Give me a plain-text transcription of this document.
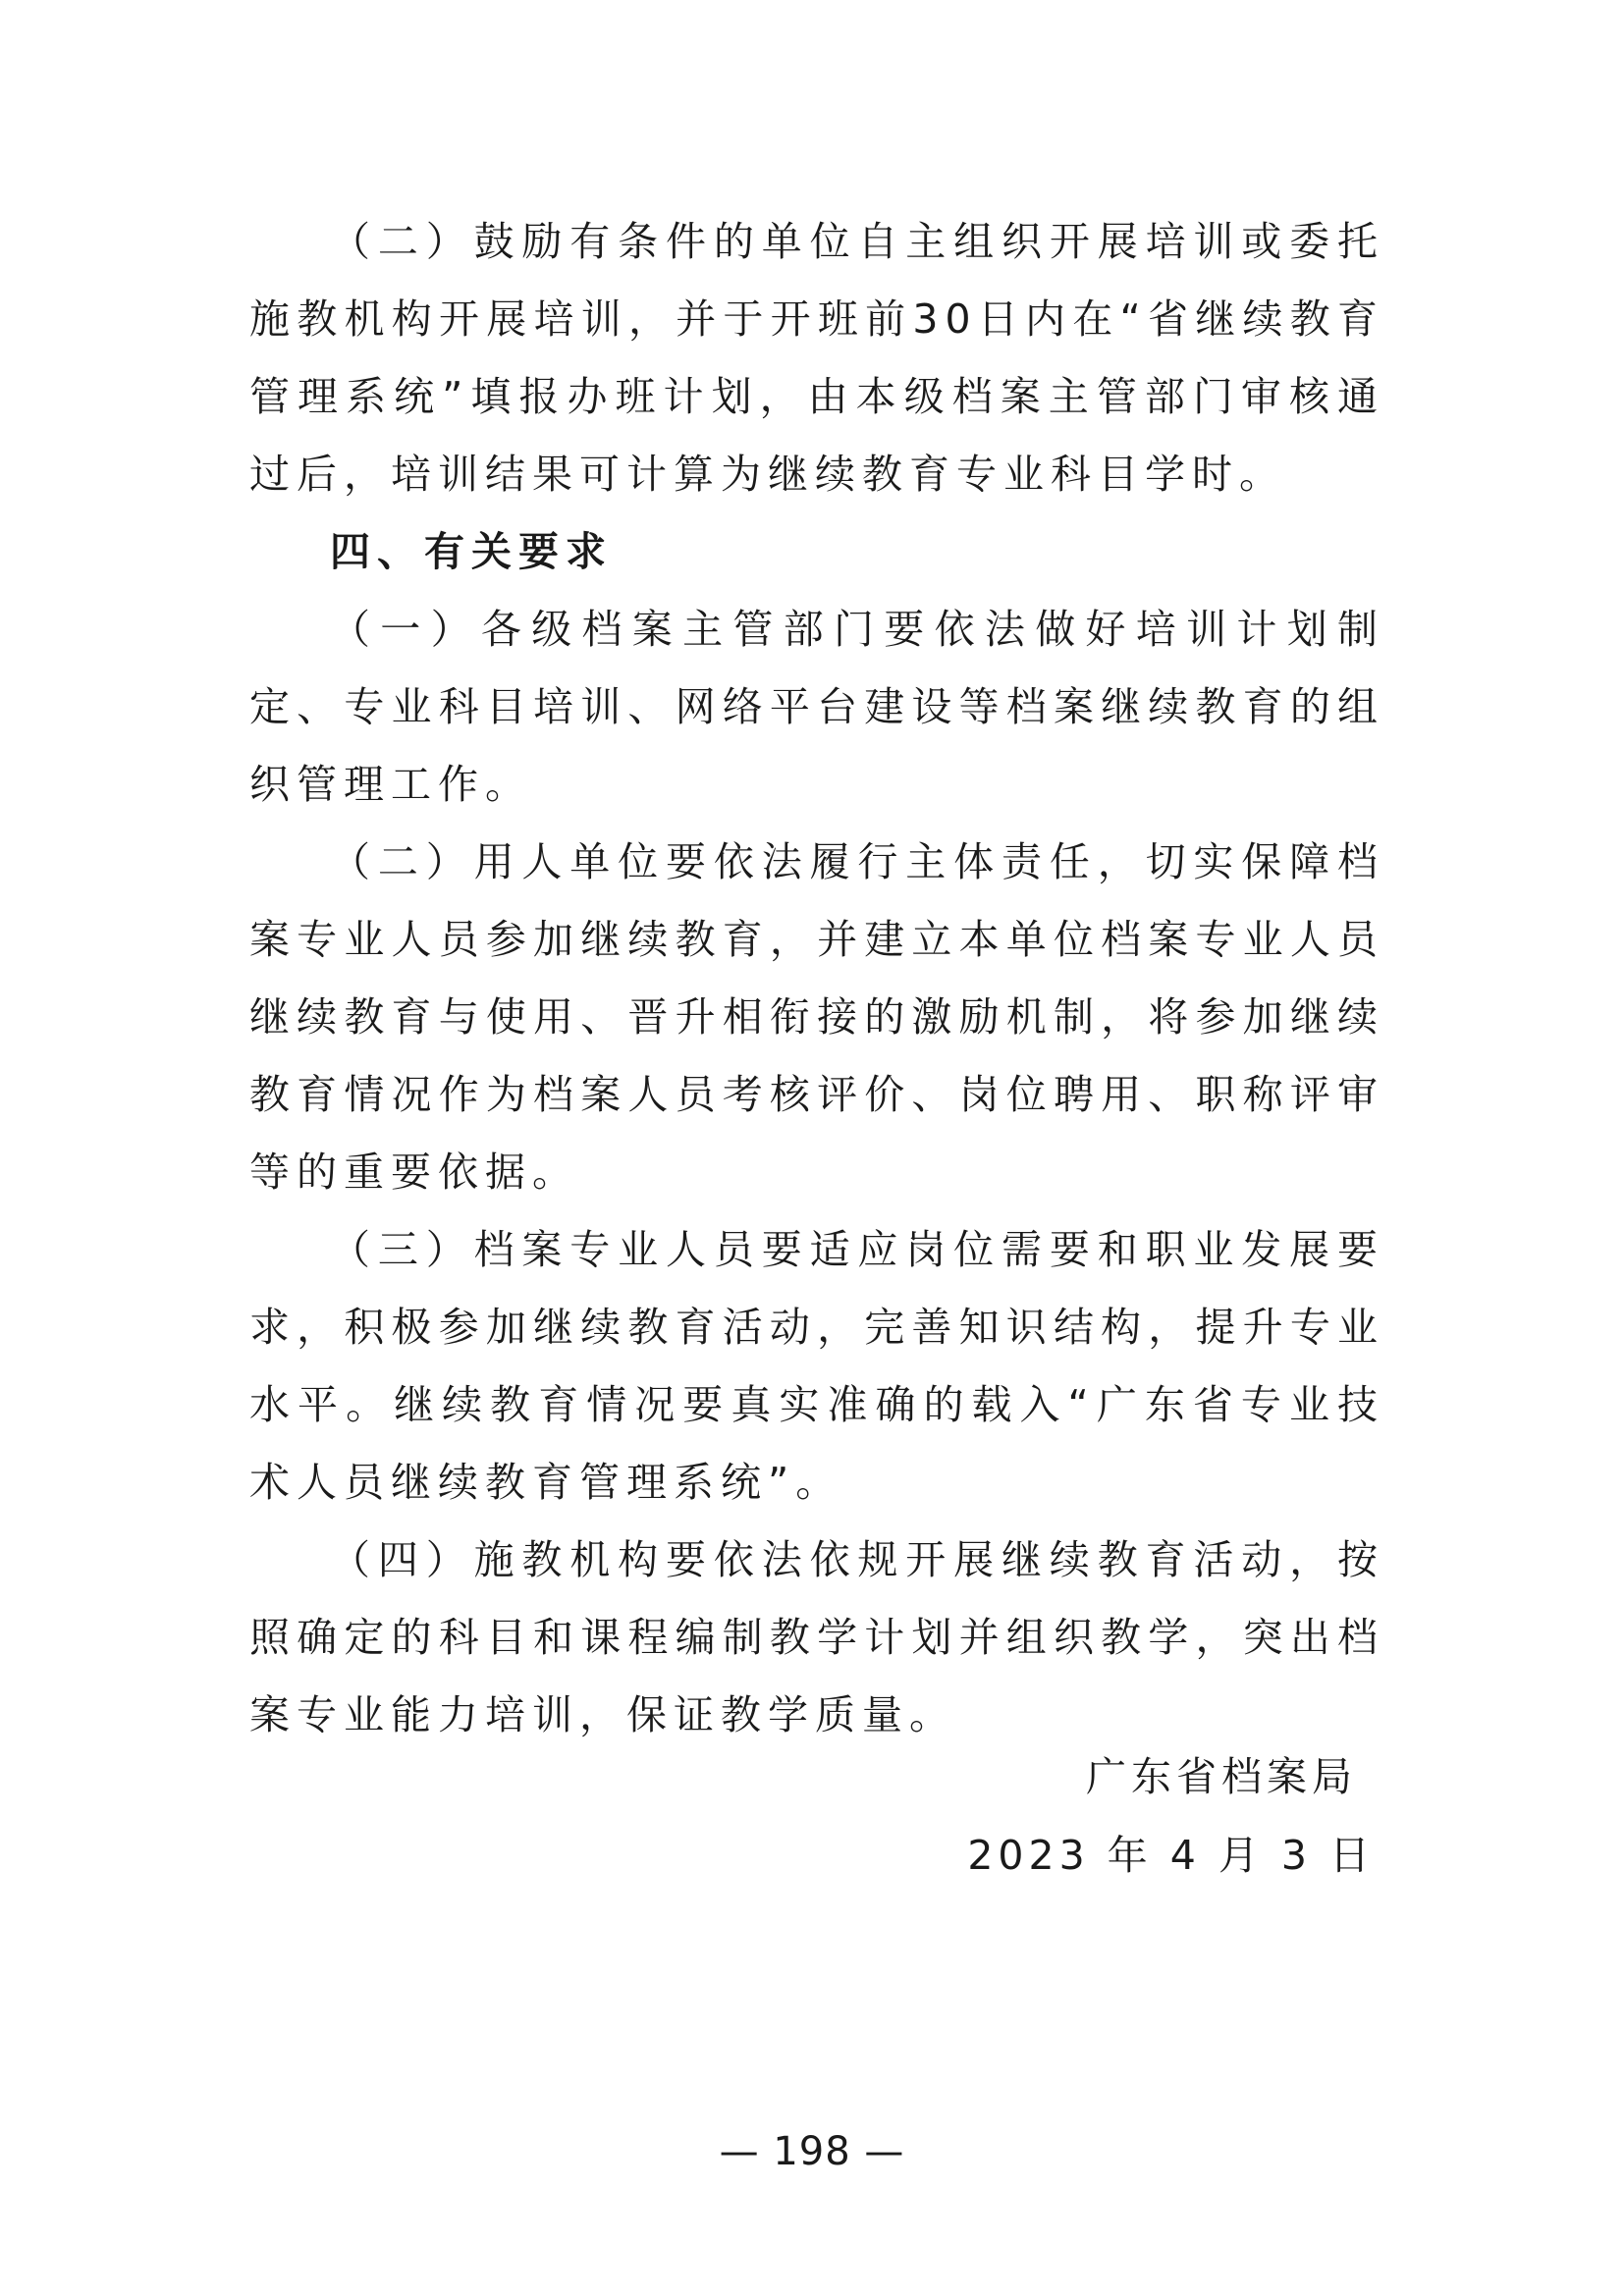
（二）鼓励有条件的单位自主组织开展培训或委托施教机构开展培训，并于开班前30日内在“省继续教育管理系统”填报办班计划，由本级档案主管部门审核通过后，培训结果可计算为继续教育专业科目学时。

四、有关要求

（一）各级档案主管部门要依法做好培训计划制定、专业科目培训、网络平台建设等档案继续教育的组织管理工作。

（二）用人单位要依法履行主体责任，切实保障档案专业人员参加继续教育，并建立本单位档案专业人员继续教育与使用、晋升相衔接的激励机制，将参加继续教育情况作为档案人员考核评价、岗位聘用、职称评审等的重要依据。

（三）档案专业人员要适应岗位需要和职业发展要求，积极参加继续教育活动，完善知识结构，提升专业水平。继续教育情况要真实准确的载入“广东省专业技术人员继续教育管理系统”。

（四）施教机构要依法依规开展继续教育活动，按照确定的科目和课程编制教学计划并组织教学，突出档案专业能力培训，保证教学质量。

广东省档案局
2023 年 4 月 3 日
— 198 —
